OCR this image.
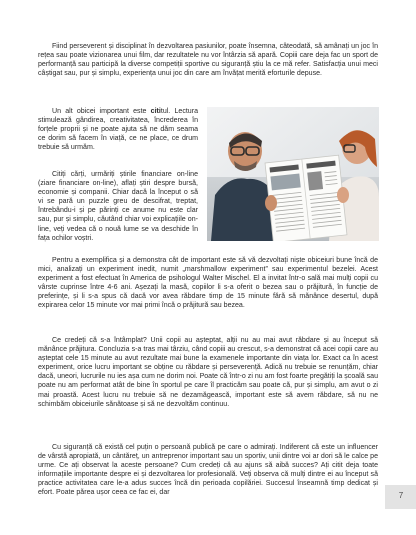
Fiind perseverent și disciplinat în dezvoltarea pasiunilor, poate însemna, câteodată, să amânați un joc în rețea sau poate vizionarea unui film, dar rezultatele nu vor întârzia să apară. Copiii care deja fac un sport de performanță sau participă la diverse competiții sportive cu siguranță știu la ce mă refer. Satisfacția unui meci câștigat sau, pur și simplu, experiența unui joc din care am învățat merită eforturile depuse.

Un alt obicei important este cititul. Lectura stimulează gândirea, creativitatea, încrederea în forțele proprii și ne poate ajuta să ne dăm seama ce dorim să facem în viață, ce ne place, ce drum trebuie să urmăm.

Citiți cărți, urmăriți știrile financiare on-line (ziare financiare on-line), aflați știri despre bursă, economie și companii. Chiar dacă la început o să vi se pară un puzzle greu de descifrat, treptat, întrebându-i și pe părinți ce anume nu este clar sau, pur și simplu, căutând chiar voi explicațiile on-line, veți vedea că o nouă lume se va deschide în fața ochilor voștri.

Pentru a exemplifica și a demonstra cât de important este să vă dezvoltați niște obiceiuri bune încă de mici, analizați un experiment inedit, numit „marshmallow experiment” sau experimentul bezelei. Acest experiment a fost efectuat în America de psihologul Walter Mischel. El a invitat într-o sală mai mulți copii cu vârste cuprinse între 4-6 ani. Așezați la masă, copiilor li s-a oferit o bezea sau o prăjitură, în funcție de preferințe, și li s-a spus că dacă vor avea răbdare timp de 15 minute fără să mănânce desertul, după expirarea celor 15 minute vor mai primi încă o prăjitură sau bezea.

Ce credeți că s-a întâmplat? Unii copii au așteptat, alții nu au mai avut răbdare și au început să mănânce prăjitura. Concluzia s-a tras mai târziu, când copiii au crescut, s-a demonstrat că acei copii care au așteptat cele 15 minute au avut rezultate mai bune la examenele importante din viața lor. Exact ca în acest experiment, orice lucru important se obține cu răbdare și perseverență. Adică nu trebuie se renunțăm, chiar dacă, uneori, lucrurile nu ies așa cum ne dorim noi. Poate că într-o zi nu am fost foarte pregătiți la școală sau poate nu am performat atât de bine în sportul pe care îl practicăm sau poate că, pur și simplu, am avut o zi mai proastă. Acest lucru nu trebuie să ne dezamăgească, important este să avem răbdare, să nu ne schimbăm obiceiurile sănătoase și să ne dezvoltăm continuu.

Cu siguranță că există cel puțin o persoană publică pe care o admirați. Indiferent că este un influencer de vârstă apropiată, un cântăreț, un antreprenor important sau un sportiv, unii dintre voi ar dori să le calce pe urme. Ce ați observat la aceste persoane? Cum credeți că au ajuns să aibă succes? Ați citit deja toate informațiile importante despre ei și dezvoltarea lor profesională. Veți observa că mulți dintre ei au început să practice activitatea care le-a adus succes încă din perioada copilăriei. Succesul înseamnă timp dedicat și efort. Poate părea ușor ceea ce fac ei, dar	7
